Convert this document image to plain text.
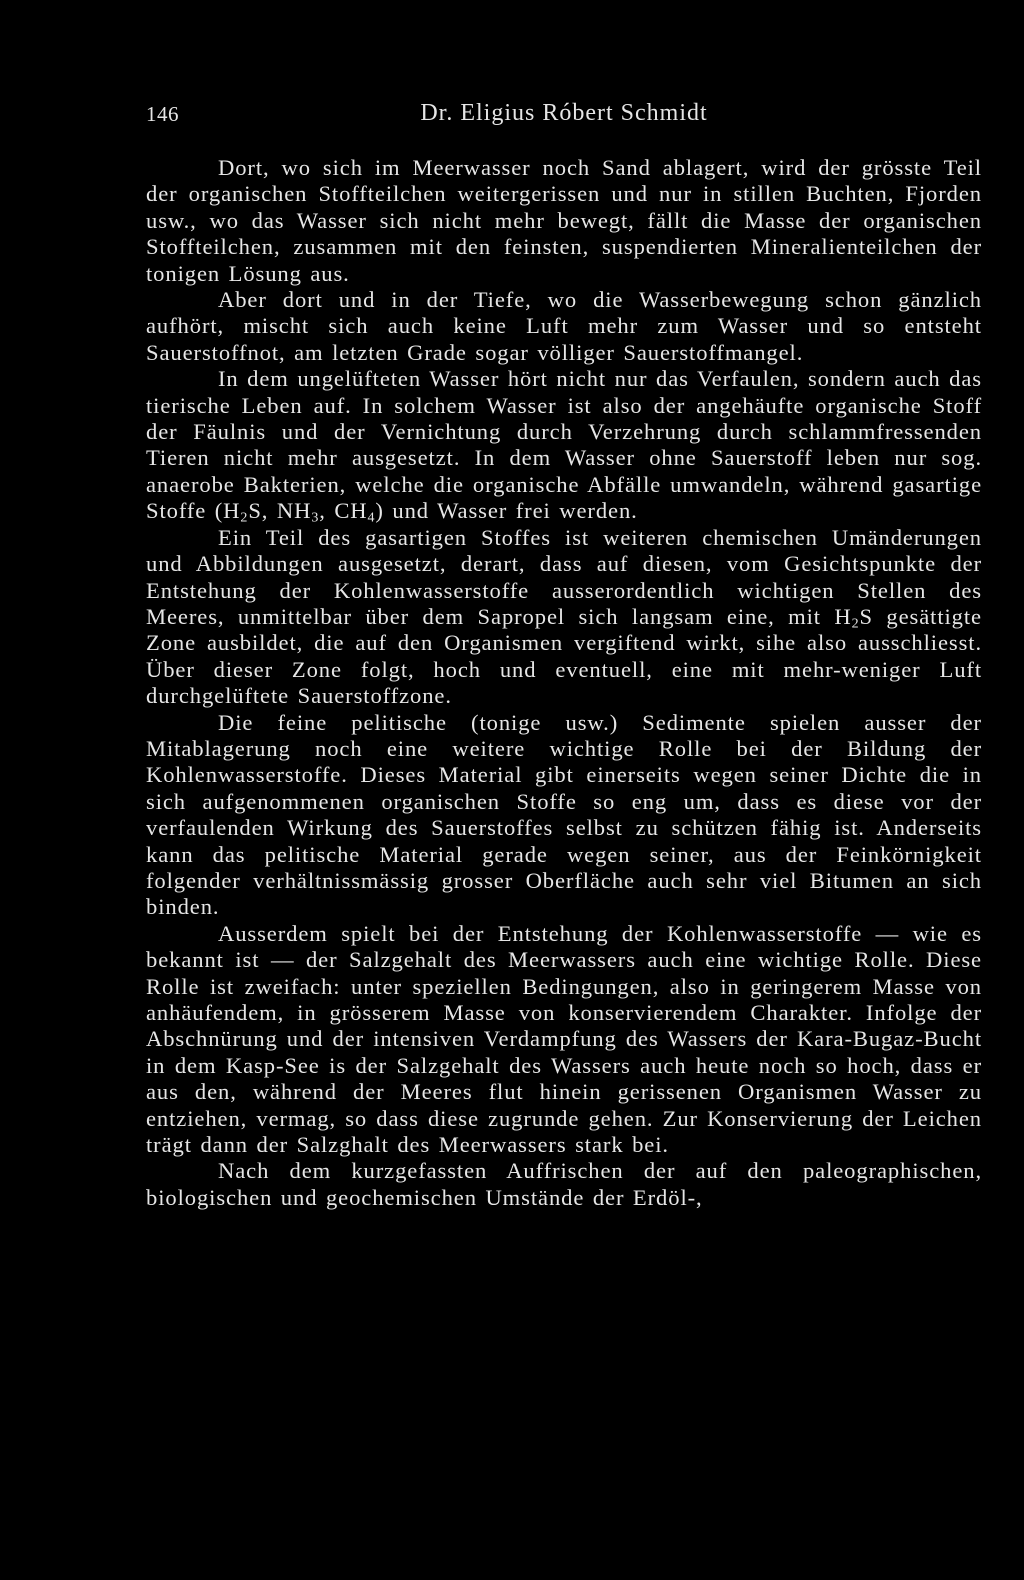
146	Dr. Eligius Róbert Schmidt

Dort, wo sich im Meerwasser noch Sand ablagert, wird der grösste Teil der organischen Stoffteilchen weitergerissen und nur in stillen Buchten, Fjorden usw., wo das Wasser sich nicht mehr bewegt, fällt die Masse der organischen Stoffteilchen, zusammen mit den feinsten, suspendierten Mineralienteilchen der tonigen Lösung aus.

Aber dort und in der Tiefe, wo die Wasserbewegung schon gänzlich aufhört, mischt sich auch keine Luft mehr zum Wasser und so entsteht Sauerstoffnot, am letzten Grade sogar völliger Sauerstoffmangel.

In dem ungelüfteten Wasser hört nicht nur das Verfaulen, sondern auch das tierische Leben auf. In solchem Wasser ist also der angehäufte organische Stoff der Fäulnis und der Vernichtung durch Verzehrung durch schlammfressenden Tieren nicht mehr ausgesetzt. In dem Wasser ohne Sauerstoff leben nur sog. anaerobe Bakterien, welche die organische Abfälle umwandeln, während gasartige Stoffe ($H_2S$, $NH_3$, $CH_4$) und Wasser frei werden.

Ein Teil des gasartigen Stoffes ist weiteren chemischen Umänderungen und Abbildungen ausgesetzt, derart, dass auf diesen, vom Gesichtspunkte der Entstehung der Kohlenwasserstoffe ausserordentlich wichtigen Stellen des Meeres, unmittelbar über dem Sapropel sich langsam eine, mit $H_2S$ gesättigte Zone ausbildet, die auf den Organismen vergiftend wirkt, sihe also ausschliesst. Über dieser Zone folgt, hoch und eventuell, eine mit mehr-weniger Luft durchgelüftete Sauerstoffzone.

Die feine pelitische (tonige usw.) Sedimente spielen ausser der Mitablagerung noch eine weitere wichtige Rolle bei der Bildung der Kohlenwasserstoffe. Dieses Material gibt einerseits wegen seiner Dichte die in sich aufgenommenen organischen Stoffe so eng um, dass es diese vor der verfaulenden Wirkung des Sauerstoffes selbst zu schützen fähig ist. Anderseits kann das pelitische Material gerade wegen seiner, aus der Feinkörnigkeit folgender verhältnissmässig grosser Oberfläche auch sehr viel Bitumen an sich binden.

Ausserdem spielt bei der Entstehung der Kohlenwasserstoffe — wie es bekannt ist — der Salzgehalt des Meerwassers auch eine wichtige Rolle. Diese Rolle ist zweifach: unter speziellen Bedingungen, also in geringerem Masse von anhäufendem, in grösserem Masse von konservierendem Charakter. Infolge der Abschnürung und der intensiven Verdampfung des Wassers der Kara-Bugaz-Bucht in dem Kasp-See is der Salzgehalt des Wassers auch heute noch so hoch, dass er aus den, während der Meeres flut hinein gerissenen Organismen Wasser zu entziehen, vermag, so dass diese zugrunde gehen. Zur Konservierung der Leichen trägt dann der Salzghalt des Meerwassers stark bei.

Nach dem kurzgefassten Auffrischen der auf den paleographischen, biologischen und geochemischen Umstände der Erdöl-,
